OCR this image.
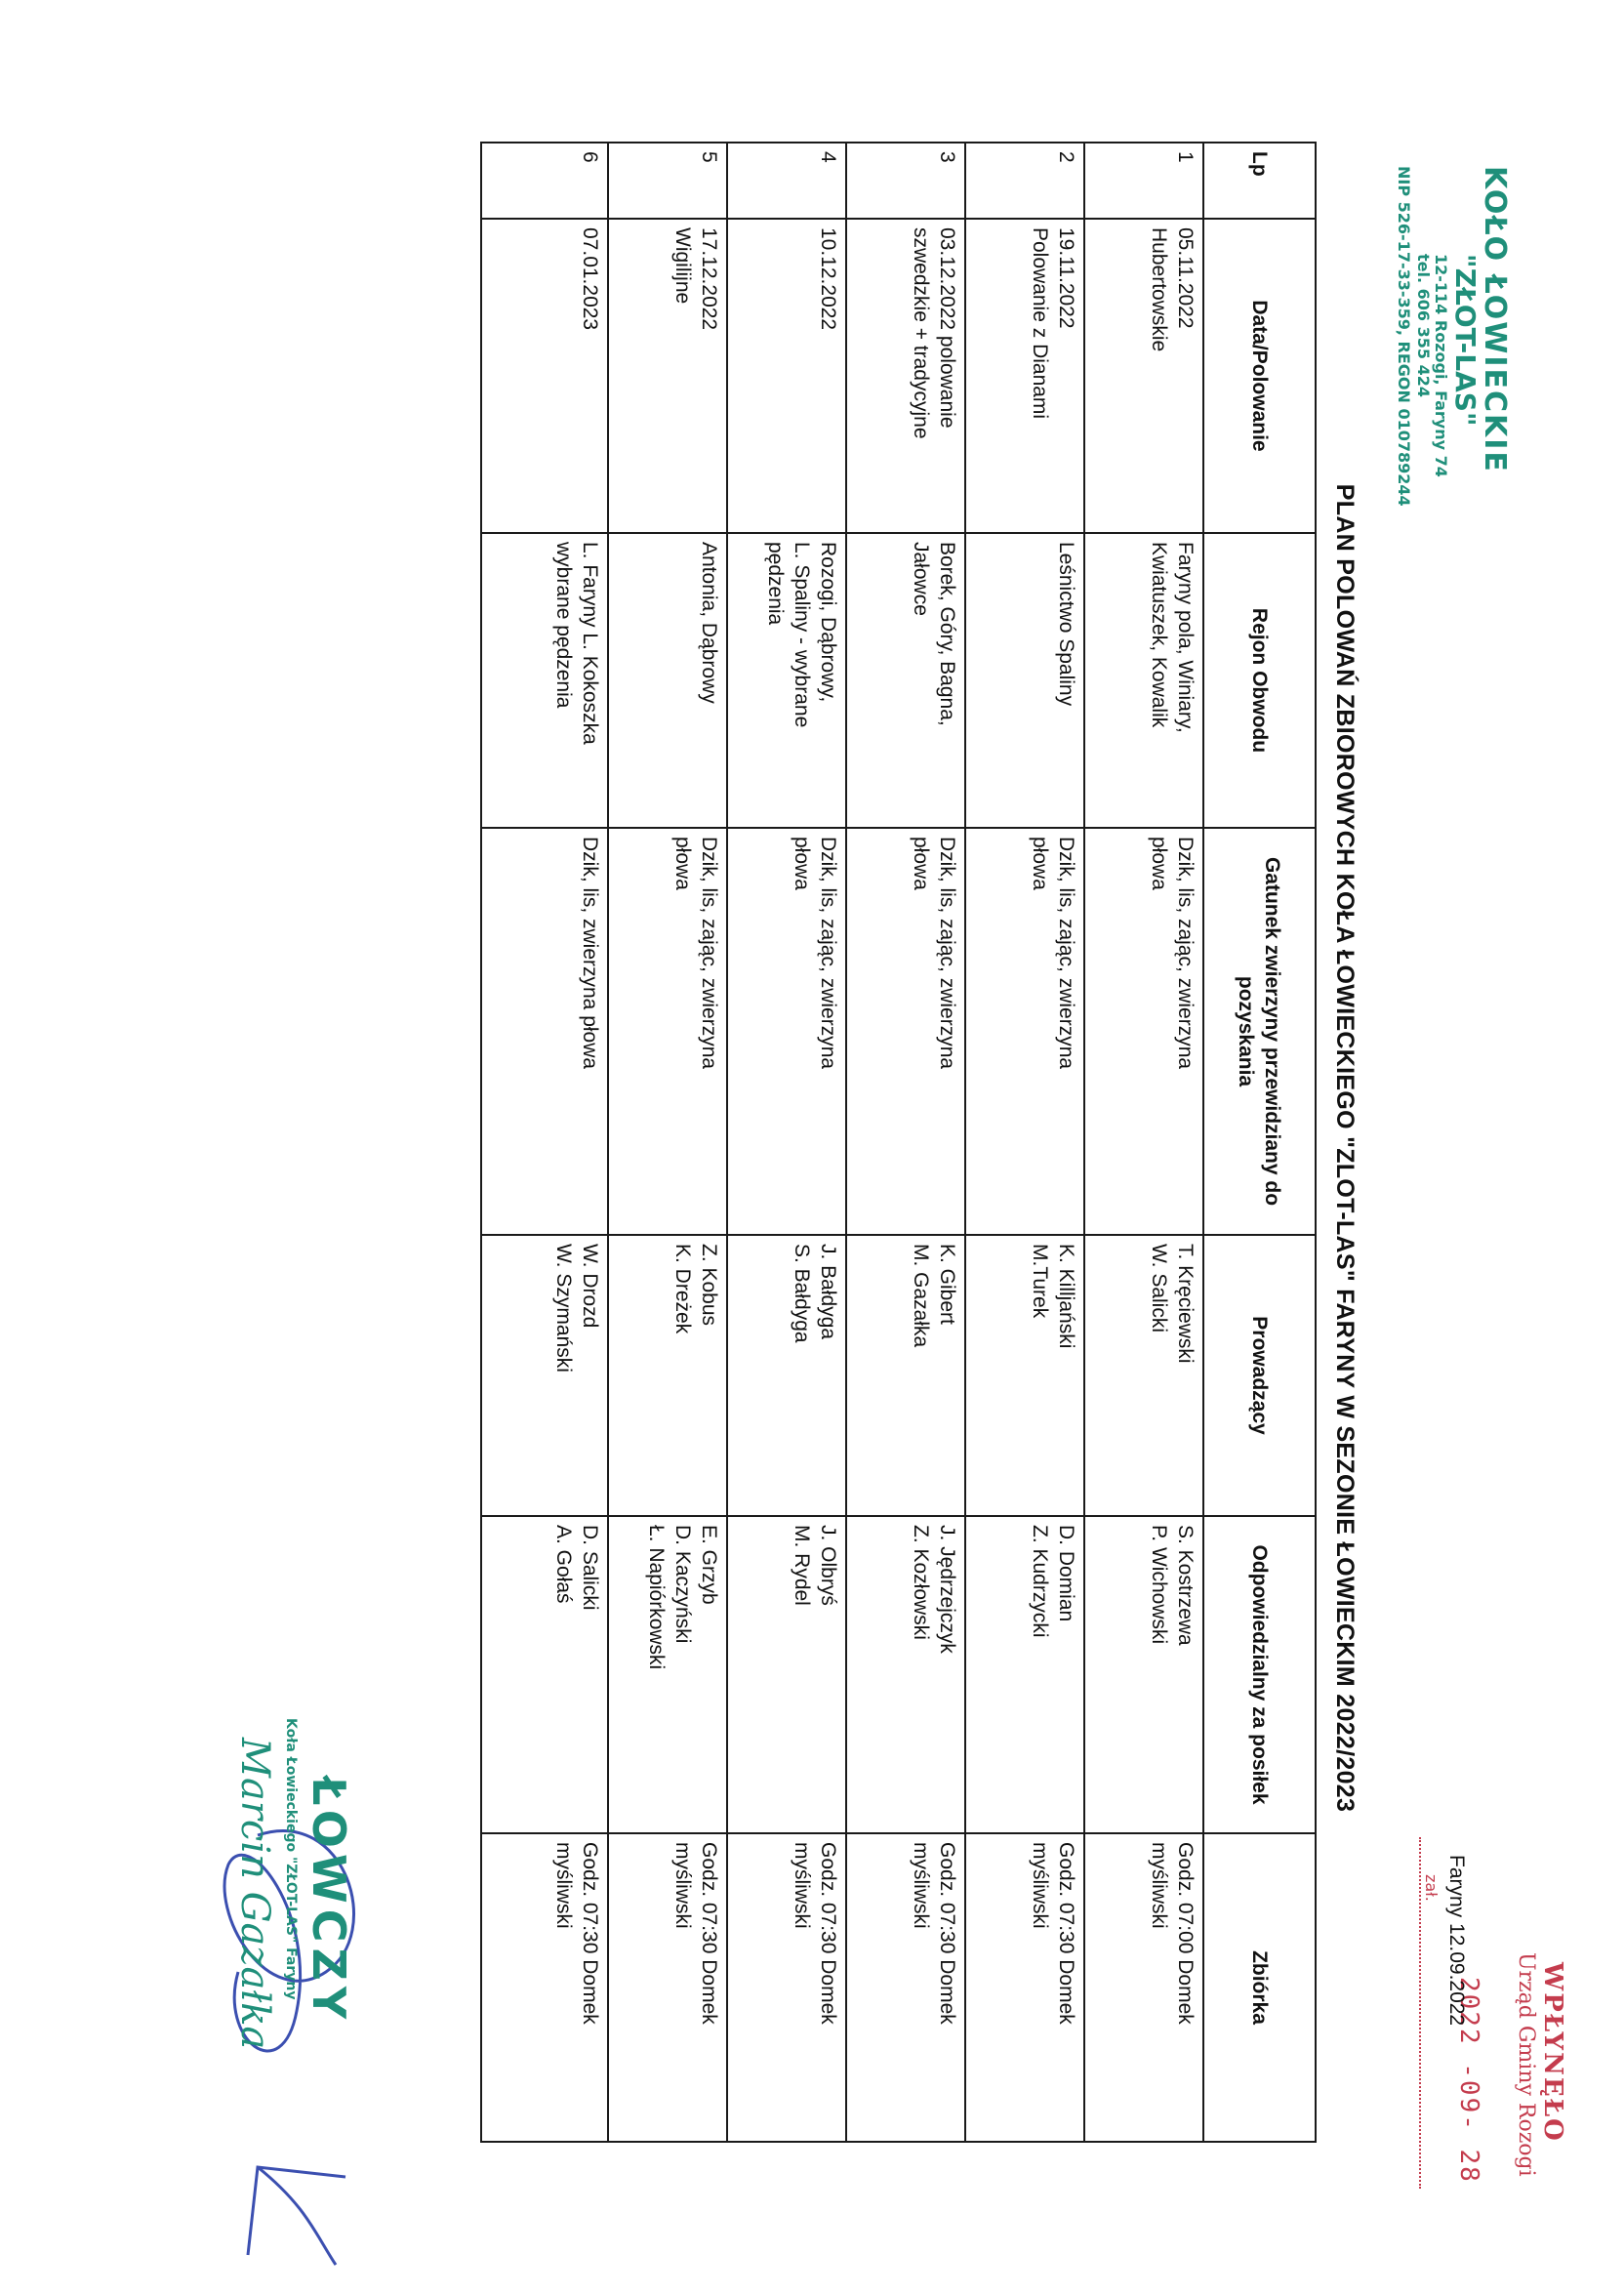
KOŁO ŁOWIECKIE
"ZŁOT-LAS"
12-114 Rozogi, Faryny 74
tel. 606 355 424
NIP 526-17-33-359, REGON 010789244
WPŁYNĘŁO
Urząd Gminy Rozogi
2022 -09- 28
zał. Faryny 12.09.2022
PLAN POLOWAŃ ZBIOROWYCH KOŁA ŁOWIECKIEGO "ZLOT-LAS" FARYNY W SEZONIE ŁOWIECKIM 2022/2023
Lp	Data/Polowanie	Rejon Obwodu	Gatunek zwierzyny przewidziany do pozyskania	Prowadzący	Odpowiedzialny za posiłek	Zbiórka
1	05.11.2022
Hubertowskie	Faryny pola, Winiary,
Kwiatuszek, Kowalik	Dzik, lis, zając, zwierzyna
płowa	T. Kręciewski
W. Salicki	S. Kostrzewa
P. Wichowski	Godz. 07:00 Domek
myśliwski
2	19.11.2022
Polowanie z Dianami	Leśnictwo Spaliny	Dzik, lis, zając, zwierzyna
płowa	K. Killjański
M.Turek	D. Domian
Z. Kudrzycki	Godz. 07:30 Domek
myśliwski
3	03.12.2022 polowanie
szwedzkie + tradycyjne	Borek, Góry, Bagna,
Jałowce	Dzik, lis, zając, zwierzyna
płowa	K. Gibert
M. Gazałka	J. Jędrzejczyk
Z. Kozłowski	Godz. 07:30 Domek
myśliwski
4	10.12.2022	Rozogi, Dąbrowy,
L. Spaliny - wybrane
pędzenia	Dzik, lis, zając, zwierzyna
płowa	J. Bałdyga
S. Bałdyga	J. Olbryś
M. Rydel	Godz. 07:30 Domek
myśliwski
5	17.12.2022
Wigilijne	Antonia, Dąbrowy	Dzik, lis, zając, zwierzyna
płowa	Z. Kobus
K. Dreżek	E. Grzyb
D. Kaczyński
Ł. Napiórkowski	Godz. 07:30 Domek
myśliwski
6	07.01.2023	L. Faryny L. Kokoszka
wybrane pędzenia	Dzik, lis, zwierzyna płowa	W. Drozd
W. Szymański	D. Salicki
A. Gołaś	Godz. 07:30 Domek
myśliwski
ŁOWCZY
Koła Łowieckiego "ZŁOT-LAS" Faryny
Marcin Gazałka
